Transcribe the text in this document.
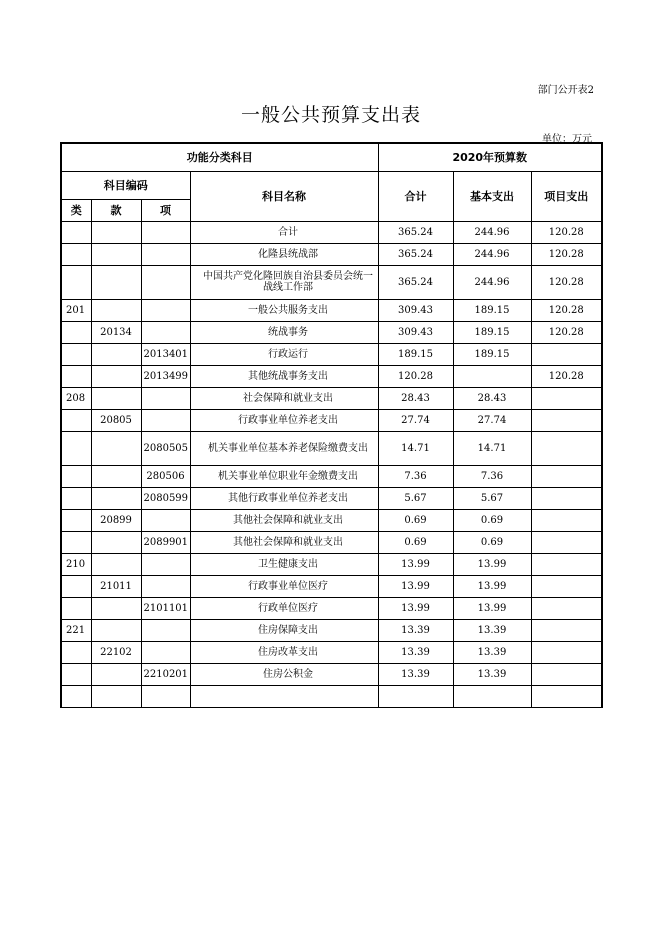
部门公开表2
一般公共预算支出表
单位：万元
功能分类科目				2020年预算数		
科目编码			科目名称	合计	基本支出	项目支出
类	款	项				
			合计	365.24	244.96	120.28
			化隆县统战部	365.24	244.96	120.28
			中国共产党化隆回族自治县委员会统一战线工作部	365.24	244.96	120.28
201			一般公共服务支出	309.43	189.15	120.28
	20134		统战事务	309.43	189.15	120.28
		2013401	行政运行	189.15	189.15	
		2013499	其他统战事务支出	120.28		120.28
208			社会保障和就业支出	28.43	28.43	
	20805		行政事业单位养老支出	27.74	27.74	
		2080505	机关事业单位基本养老保险缴费支出	14.71	14.71	
		280506	机关事业单位职业年金缴费支出	7.36	7.36	
		2080599	其他行政事业单位养老支出	5.67	5.67	
	20899		其他社会保障和就业支出	0.69	0.69	
		2089901	其他社会保障和就业支出	0.69	0.69	
210			卫生健康支出	13.99	13.99	
	21011		行政事业单位医疗	13.99	13.99	
		2101101	行政单位医疗	13.99	13.99	
221			住房保障支出	13.39	13.39	
	22102		住房改革支出	13.39	13.39	
		2210201	住房公积金	13.39	13.39	
